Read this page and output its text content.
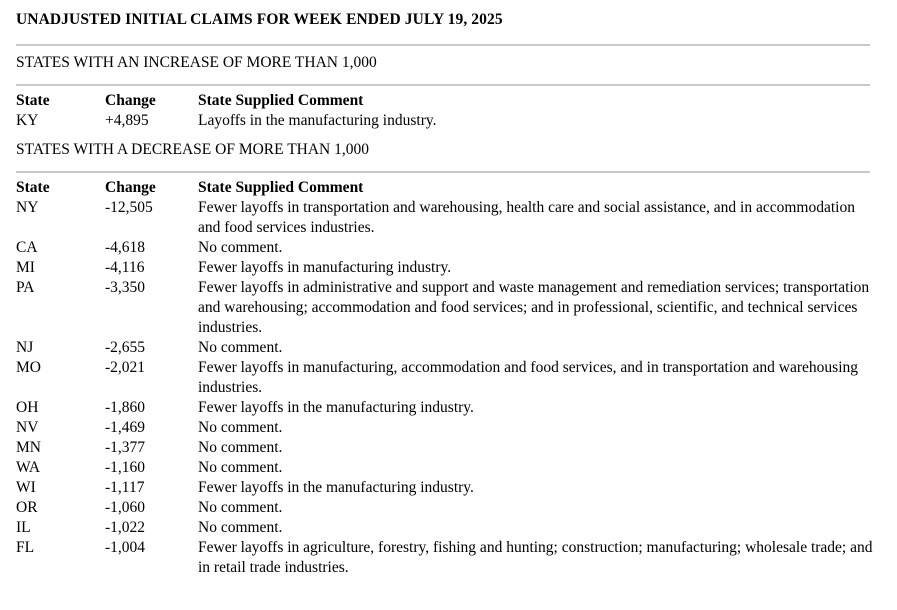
UNADJUSTED INITIAL CLAIMS FOR WEEK ENDED JULY 19, 2025
STATES WITH AN INCREASE OF MORE THAN 1,000
State	Change	State Supplied Comment
KY	+4,895	Layoffs in the manufacturing industry.
STATES WITH A DECREASE OF MORE THAN 1,000
State	Change	State Supplied Comment
NY	-12,505	Fewer layoffs in transportation and warehousing, health care and social assistance, and in accommodation and food services industries.
CA	-4,618	No comment.
MI	-4,116	Fewer layoffs in manufacturing industry.
PA	-3,350	Fewer layoffs in administrative and support and waste management and remediation services; transportation and warehousing; accommodation and food services; and in professional, scientific, and technical services industries.
NJ	-2,655	No comment.
MO	-2,021	Fewer layoffs in manufacturing, accommodation and food services, and in transportation and warehousing industries.
OH	-1,860	Fewer layoffs in the manufacturing industry.
NV	-1,469	No comment.
MN	-1,377	No comment.
WA	-1,160	No comment.
WI	-1,117	Fewer layoffs in the manufacturing industry.
OR	-1,060	No comment.
IL	-1,022	No comment.
FL	-1,004	Fewer layoffs in agriculture, forestry, fishing and hunting; construction; manufacturing; wholesale trade; and in retail trade industries.
